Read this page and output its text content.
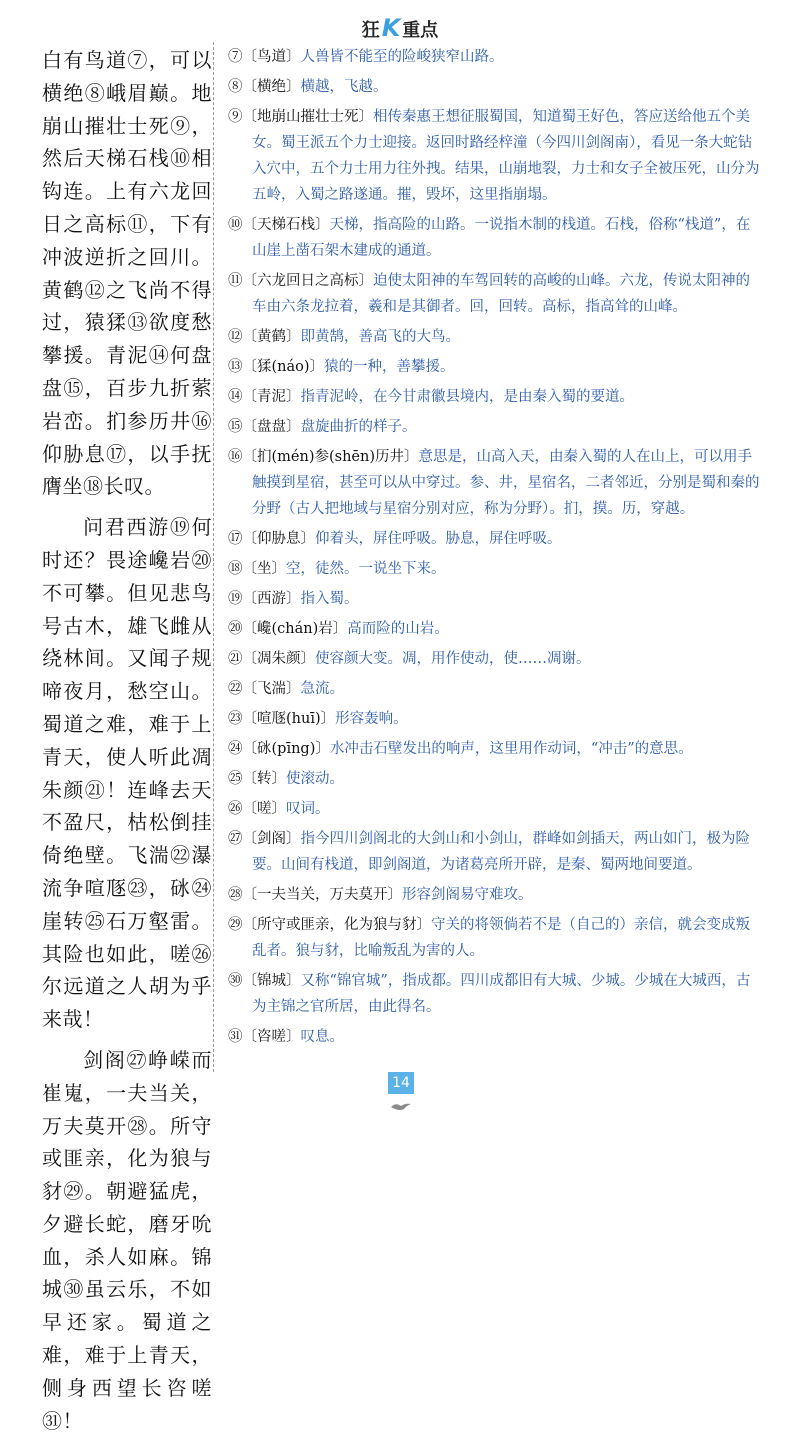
狂K 重点

白有鸟道⑦，可以横绝⑧峨眉巅。地崩山摧壮士死⑨，然后天梯石栈⑩相钩连。上有六龙回日之高标⑪，下有冲波逆折之回川。黄鹤⑫之飞尚不得过，猿猱⑬欲度愁攀援。青泥⑭何盘盘⑮，百步九折萦岩峦。扪参历井⑯仰胁息⑰，以手抚膺坐⑱长叹。

问君西游⑲何时还？畏途巉岩⑳不可攀。但见悲鸟号古木，雄飞雌从绕林间。又闻子规啼夜月，愁空山。蜀道之难，难于上青天，使人听此凋朱颜㉑！连峰去天不盈尺，枯松倒挂倚绝壁。飞湍㉒瀑流争喧豗㉓，砯㉔崖转㉕石万壑雷。其险也如此，嗟㉖尔远道之人胡为乎来哉！

剑阁㉗峥嵘而崔嵬，一夫当关，万夫莫开㉘。所守或匪亲，化为狼与豺㉙。朝避猛虎，夕避长蛇，磨牙吮血，杀人如麻。锦城㉚虽云乐，不如早还家。蜀道之难，难于上青天，侧身西望长咨嗟㉛！

⑦〔鸟道〕人兽皆不能至的险峻狭窄山路。

⑧〔横绝〕横越，飞越。

⑨〔地崩山摧壮士死〕相传秦惠王想征服蜀国，知道蜀王好色，答应送给他五个美女。蜀王派五个力士迎接。返回时路经梓潼（今四川剑阁南），看见一条大蛇钻入穴中，五个力士用力往外拽。结果，山崩地裂，力士和女子全被压死，山分为五岭，入蜀之路遂通。摧，毁坏，这里指崩塌。

⑩〔天梯石栈〕天梯，指高险的山路。一说指木制的栈道。石栈，俗称“栈道”，在山崖上凿石架木建成的通道。

⑪〔六龙回日之高标〕迫使太阳神的车驾回转的高峻的山峰。六龙，传说太阳神的车由六条龙拉着，羲和是其御者。回，回转。高标，指高耸的山峰。

⑫〔黄鹤〕即黄鹄，善高飞的大鸟。

⑬〔猱(náo)〕猿的一种，善攀援。

⑭〔青泥〕指青泥岭，在今甘肃徽县境内，是由秦入蜀的要道。

⑮〔盘盘〕盘旋曲折的样子。

⑯〔扪(mén)参(shēn)历井〕意思是，山高入天，由秦入蜀的人在山上，可以用手触摸到星宿，甚至可以从中穿过。参、井，星宿名，二者邻近，分别是蜀和秦的分野（古人把地域与星宿分别对应，称为分野）。扪，摸。历，穿越。

⑰〔仰胁息〕仰着头，屏住呼吸。胁息，屏住呼吸。

⑱〔坐〕空，徒然。一说坐下来。

⑲〔西游〕指入蜀。

⑳〔巉(chán)岩〕高而险的山岩。

㉑〔凋朱颜〕使容颜大变。凋，用作使动，使……凋谢。

㉒〔飞湍〕急流。

㉓〔喧豗(huī)〕形容轰响。

㉔〔砯(pīng)〕水冲击石壁发出的响声，这里用作动词，“冲击”的意思。

㉕〔转〕使滚动。

㉖〔嗟〕叹词。

㉗〔剑阁〕指今四川剑阁北的大剑山和小剑山，群峰如剑插天，两山如门，极为险要。山间有栈道，即剑阁道，为诸葛亮所开辟，是秦、蜀两地间要道。

㉘〔一夫当关，万夫莫开〕形容剑阁易守难攻。

㉙〔所守或匪亲，化为狼与豺〕守关的将领倘若不是（自己的）亲信，就会变成叛乱者。狼与豺，比喻叛乱为害的人。

㉚〔锦城〕又称“锦官城”，指成都。四川成都旧有大城、少城。少城在大城西，古为主锦之官所居，由此得名。

㉛〔咨嗟〕叹息。

14
